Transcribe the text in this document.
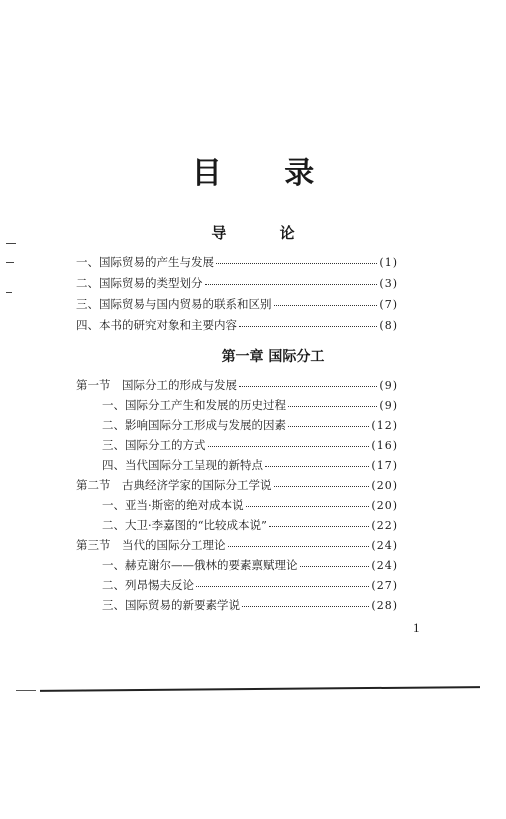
目 录
导 论
一、国际贸易的产生与发展	(1)
二、国际贸易的类型划分	(3)
三、国际贸易与国内贸易的联系和区别	(7)
四、本书的研究对象和主要内容	(8)
第一章 国际分工
第一节　国际分工的形成与发展	(9)
一、国际分工产生和发展的历史过程	(9)
二、影响国际分工形成与发展的因素	(12)
三、国际分工的方式	(16)
四、当代国际分工呈现的新特点	(17)
第二节　古典经济学家的国际分工学说	(20)
一、亚当·斯密的绝对成本说	(20)
二、大卫·李嘉图的“比较成本说”	(22)
第三节　当代的国际分工理论	(24)
一、赫克谢尔——俄林的要素禀赋理论	(24)
二、列昂惕夫反论	(27)
三、国际贸易的新要素学说	(28)
1
